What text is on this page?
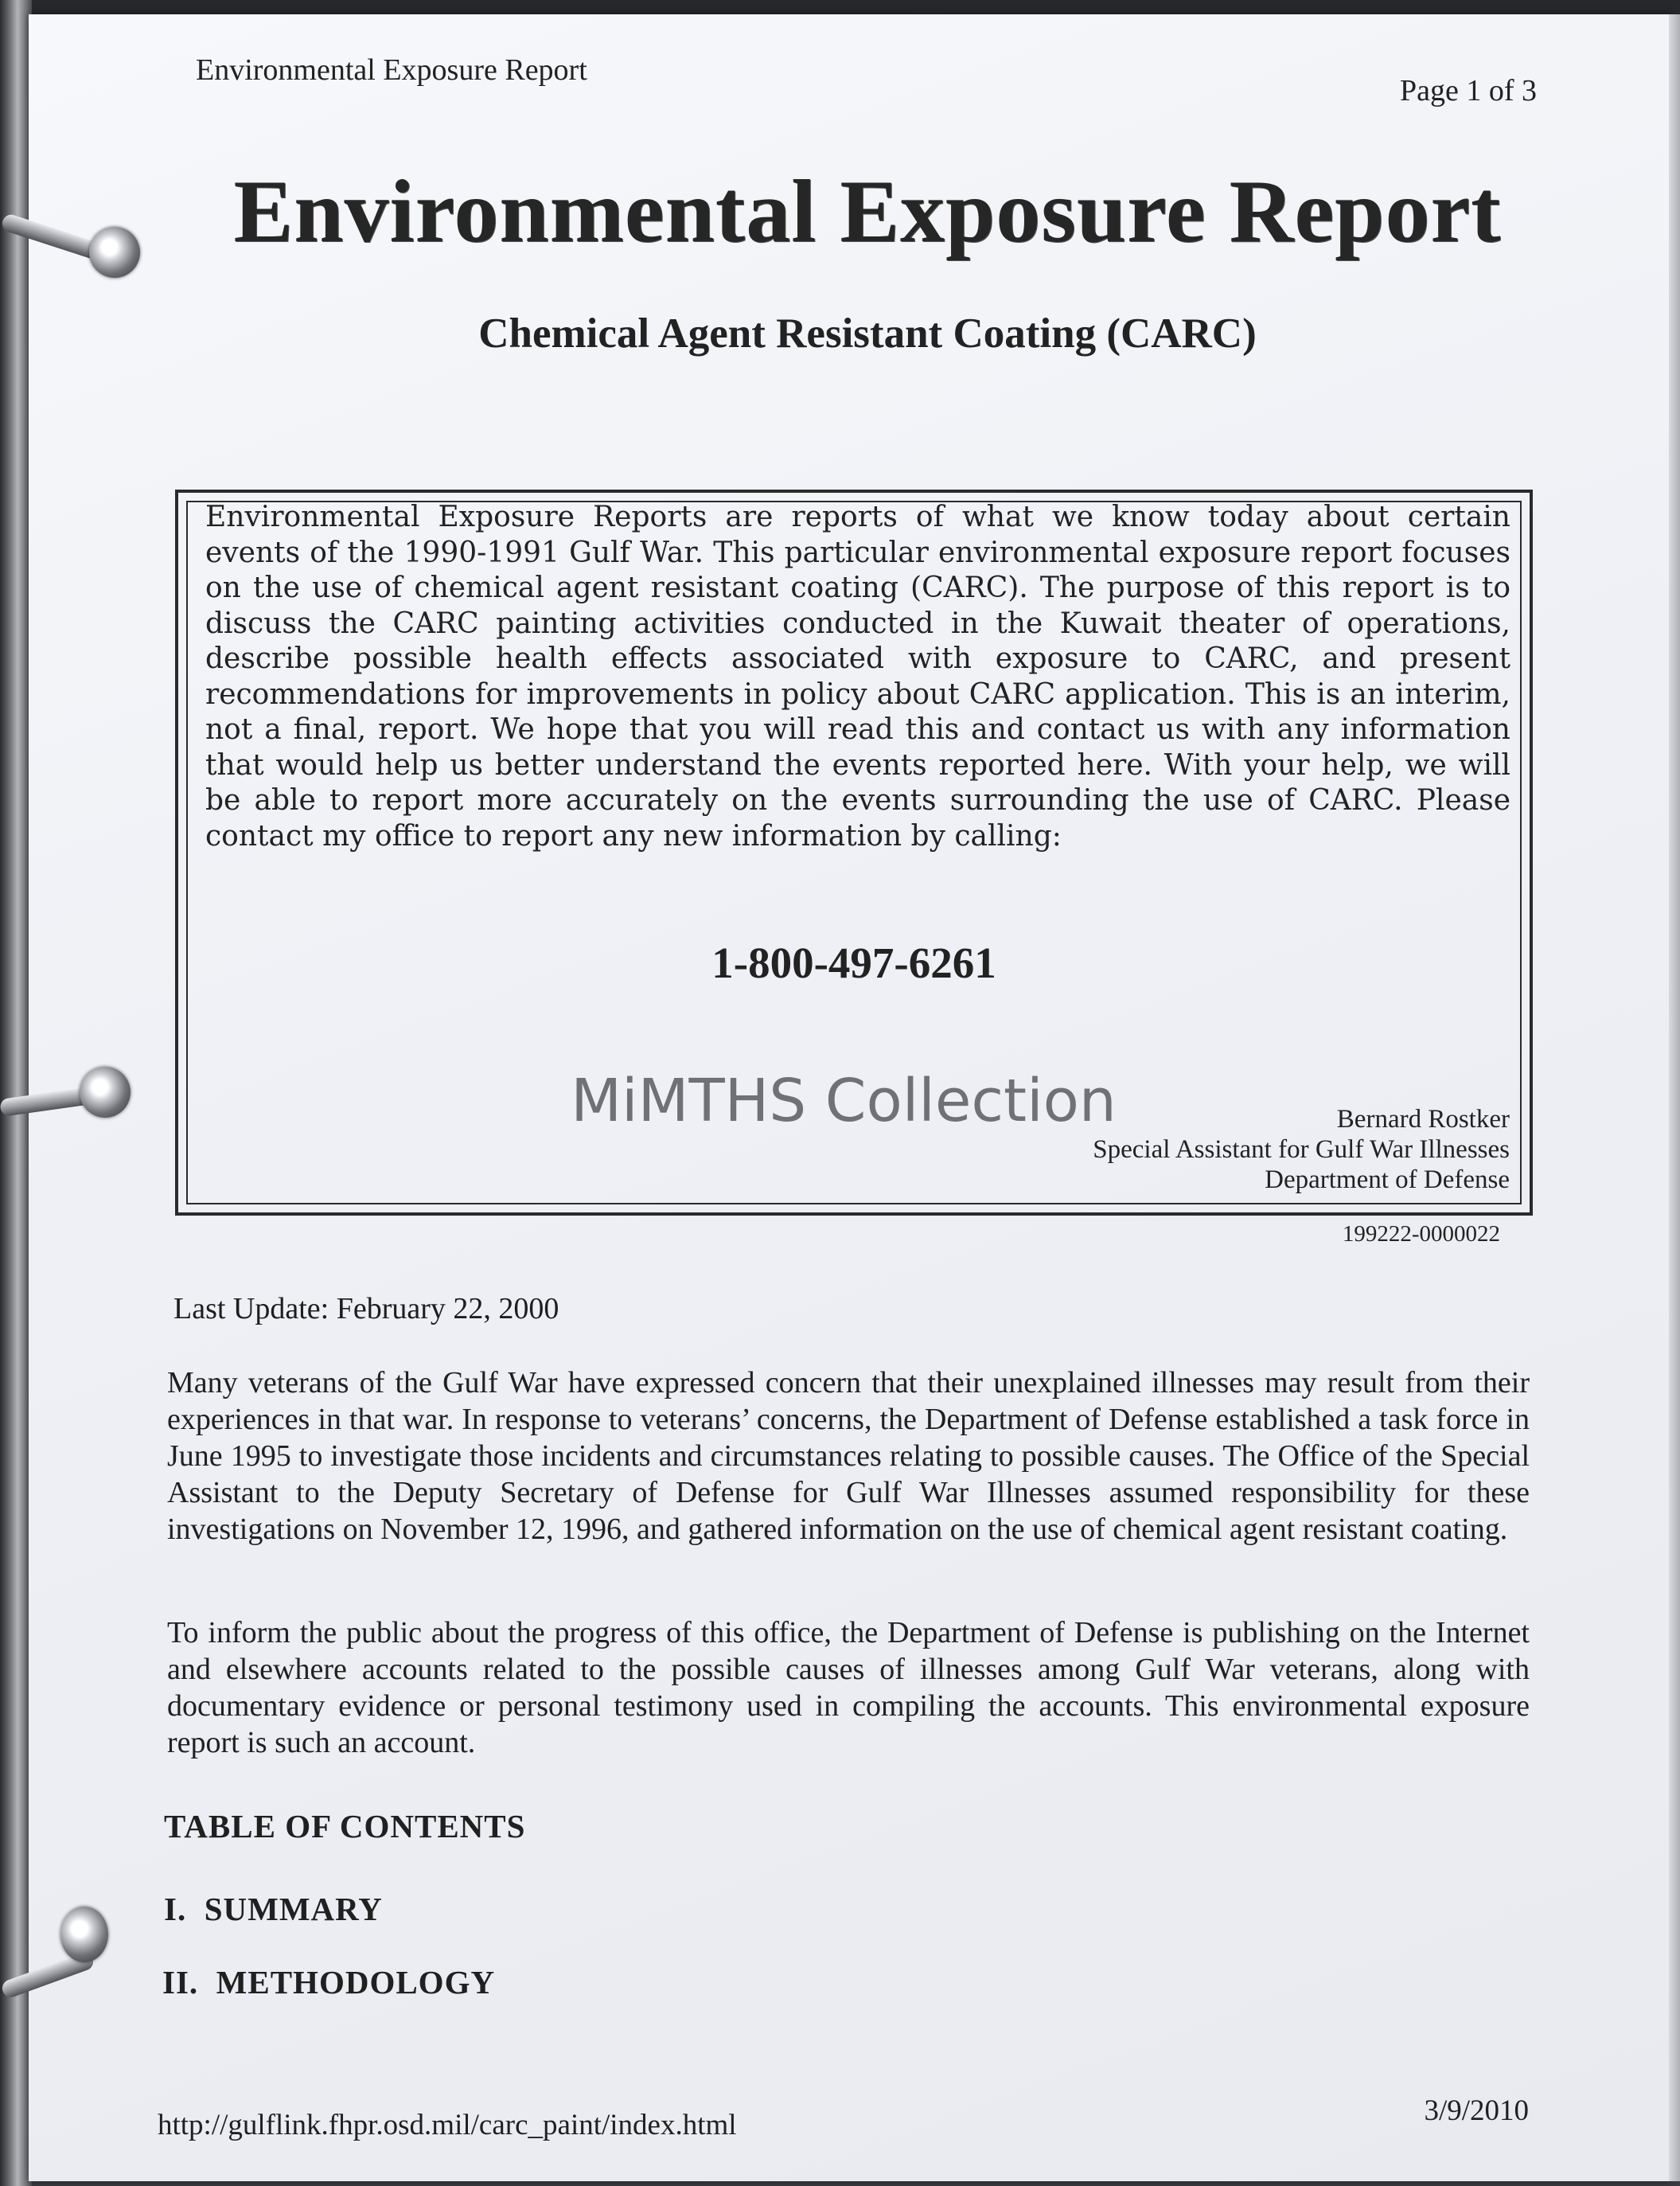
Environmental Exposure Report

Page 1 of 3

Environmental Exposure Report
Chemical Agent Resistant Coating (CARC)

Environmental Exposure Reports are reports of what we know today about certain events of the 1990-1991 Gulf War. This particular environmental exposure report focuses on the use of chemical agent resistant coating (CARC). The purpose of this report is to discuss the CARC painting activities conducted in the Kuwait theater of operations, describe possible health effects associated with exposure to CARC, and present recommendations for improvements in policy about CARC application. This is an interim, not a final, report. We hope that you will read this and contact us with any information that would help us better understand the events reported here. With your help, we will be able to report more accurately on the events surrounding the use of CARC. Please contact my office to report any new information by calling:

1-800-497-6261

MiMTHS Collection	Bernard Rostker

Special Assistant for Gulf War Illnesses

Department of Defense

199222-0000022

Last Update: February 22, 2000

Many veterans of the Gulf War have expressed concern that their unexplained illnesses may result from their experiences in that war. In response to veterans’ concerns, the Department of Defense established a task force in June 1995 to investigate those incidents and circumstances relating to possible causes. The Office of the Special Assistant to the Deputy Secretary of Defense for Gulf War Illnesses assumed responsibility for these investigations on November 12, 1996, and gathered information on the use of chemical agent resistant coating.

To inform the public about the progress of this office, the Department of Defense is publishing on the Internet and elsewhere accounts related to the possible causes of illnesses among Gulf War veterans, along with documentary evidence or personal testimony used in compiling the accounts. This environmental exposure report is such an account.

TABLE OF CONTENTS

I.  SUMMARY

II.  METHODOLOGY

http://gulflink.fhpr.osd.mil/carc_paint/index.html	3/9/2010
